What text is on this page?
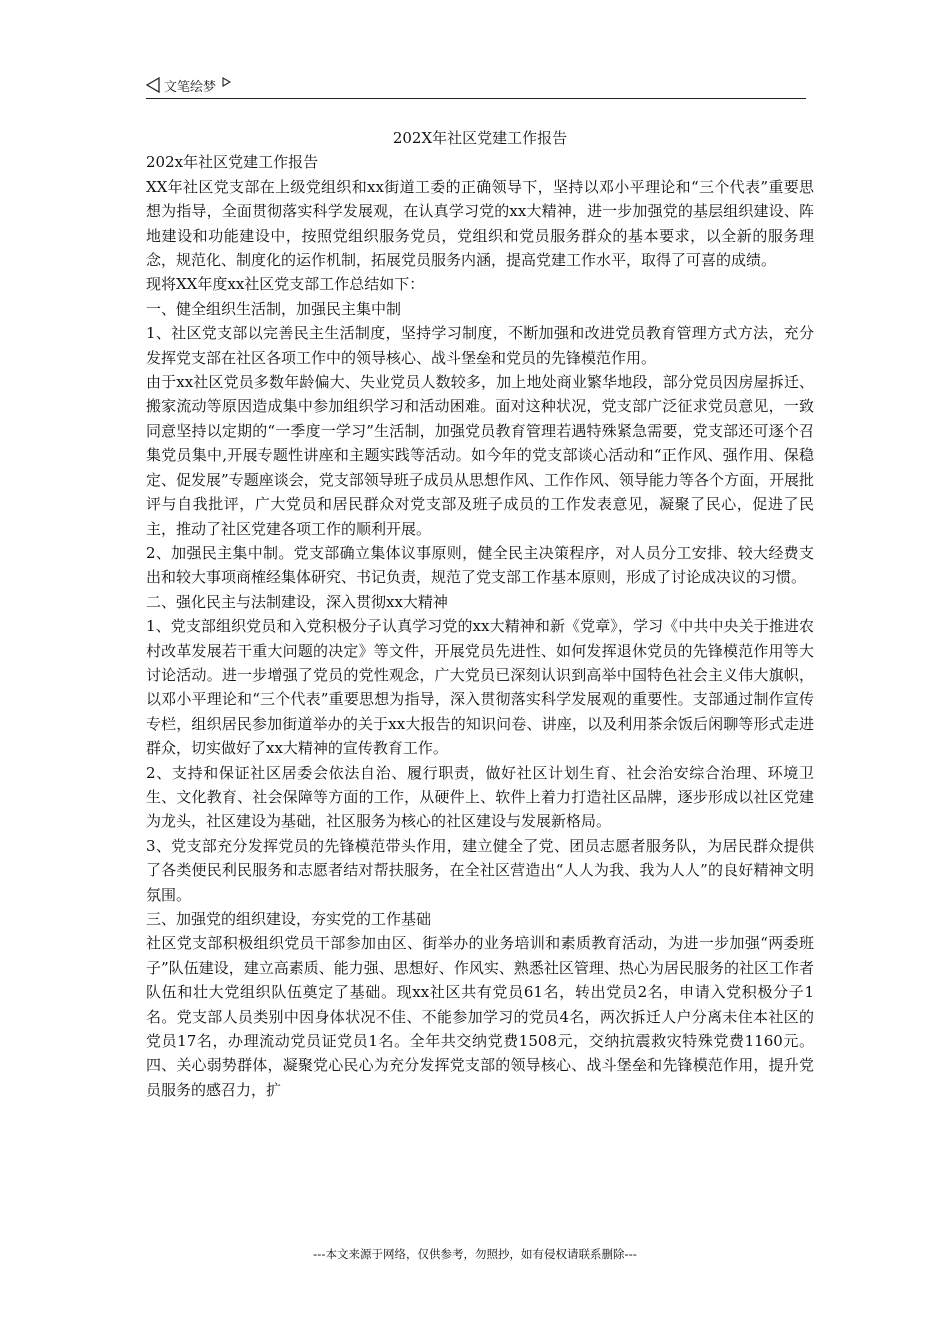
文笔绘梦

202X年社区党建工作报告

202x年社区党建工作报告

XX年社区党支部在上级党组织和xx街道工委的正确领导下，坚持以邓小平理论和“三个代表”重要思想为指导，全面贯彻落实科学发展观，在认真学习党的xx大精神，进一步加强党的基层组织建设、阵地建设和功能建设中，按照党组织服务党员，党组织和党员服务群众的基本要求，以全新的服务理念，规范化、制度化的运作机制，拓展党员服务内涵，提高党建工作水平，取得了可喜的成绩。

现将XX年度xx社区党支部工作总结如下：

一、健全组织生活制，加强民主集中制

1、社区党支部以完善民主生活制度，坚持学习制度，不断加强和改进党员教育管理方式方法，充分发挥党支部在社区各项工作中的领导核心、战斗堡垒和党员的先锋模范作用。

由于xx社区党员多数年龄偏大、失业党员人数较多，加上地处商业繁华地段，部分党员因房屋拆迁、搬家流动等原因造成集中参加组织学习和活动困难。面对这种状况，党支部广泛征求党员意见，一致同意坚持以定期的“一季度一学习”生活制，加强党员教育管理若遇特殊紧急需要，党支部还可逐个召集党员集中,开展专题性讲座和主题实践等活动。如今年的党支部谈心活动和“正作风、强作用、保稳定、促发展”专题座谈会，党支部领导班子成员从思想作风、工作作风、领导能力等各个方面，开展批评与自我批评，广大党员和居民群众对党支部及班子成员的工作发表意见，凝聚了民心，促进了民主，推动了社区党建各项工作的顺利开展。

2、加强民主集中制。党支部确立集体议事原则，健全民主决策程序，对人员分工安排、较大经费支出和较大事项商榷经集体研究、书记负责，规范了党支部工作基本原则，形成了讨论成决议的习惯。

二、强化民主与法制建设，深入贯彻xx大精神

1、党支部组织党员和入党积极分子认真学习党的xx大精神和新《党章》，学习《中共中央关于推进农村改革发展若干重大问题的决定》等文件，开展党员先进性、如何发挥退休党员的先锋模范作用等大讨论活动。进一步增强了党员的党性观念，广大党员已深刻认识到高举中国特色社会主义伟大旗帜，以邓小平理论和“三个代表”重要思想为指导，深入贯彻落实科学发展观的重要性。支部通过制作宣传专栏，组织居民参加街道举办的关于xx大报告的知识问卷、讲座，以及利用茶余饭后闲聊等形式走进群众，切实做好了xx大精神的宣传教育工作。

2、支持和保证社区居委会依法自治、履行职责，做好社区计划生育、社会治安综合治理、环境卫生、文化教育、社会保障等方面的工作，从硬件上、软件上着力打造社区品牌，逐步形成以社区党建为龙头，社区建设为基础，社区服务为核心的社区建设与发展新格局。

3、党支部充分发挥党员的先锋模范带头作用，建立健全了党、团员志愿者服务队，为居民群众提供了各类便民利民服务和志愿者结对帮扶服务，在全社区营造出“人人为我、我为人人”的良好精神文明氛围。

三、加强党的组织建设，夯实党的工作基础

社区党支部积极组织党员干部参加由区、街举办的业务培训和素质教育活动，为进一步加强“两委班子”队伍建设，建立高素质、能力强、思想好、作风实、熟悉社区管理、热心为居民服务的社区工作者队伍和壮大党组织队伍奠定了基础。现xx社区共有党员61名，转出党员2名，申请入党积极分子1名。党支部人员类别中因身体状况不佳、不能参加学习的党员4名，两次拆迁人户分离未住本社区的党员17名，办理流动党员证党员1名。全年共交纳党费1508元，交纳抗震救灾特殊党费1160元。四、关心弱势群体，凝聚党心民心为充分发挥党支部的领导核心、战斗堡垒和先锋模范作用，提升党员服务的感召力，扩

---本文来源于网络，仅供参考，勿照抄，如有侵权请联系删除---
